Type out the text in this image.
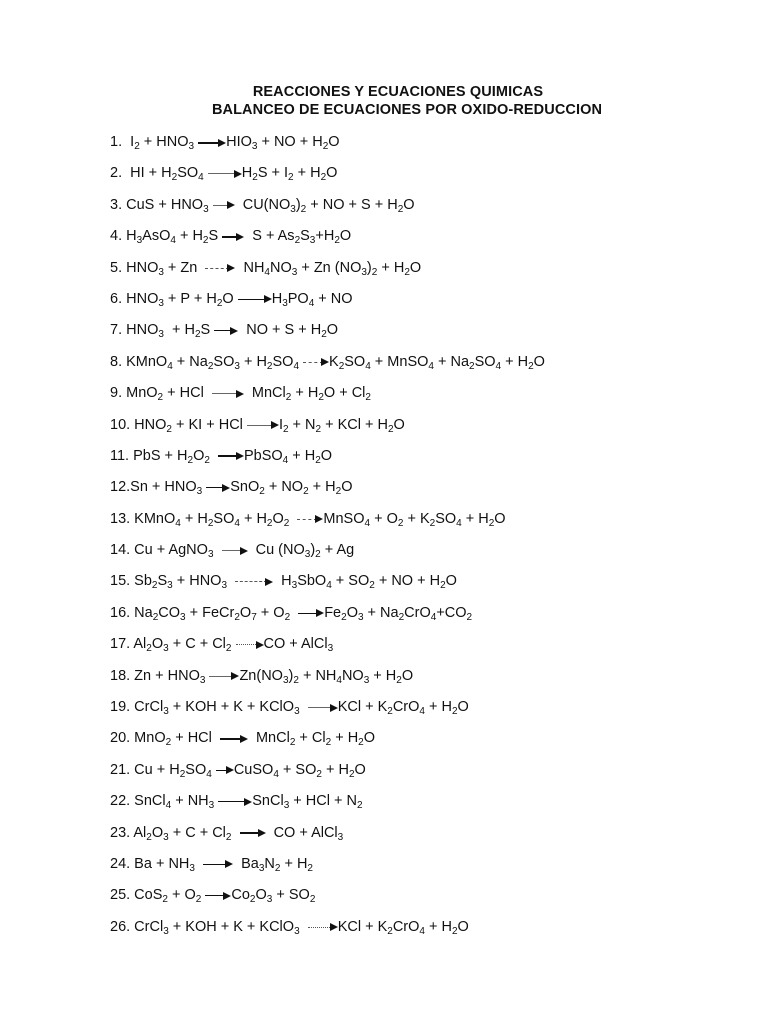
REACCIONES Y ECUACIONES QUIMICAS
BALANCEO DE ECUACIONES POR OXIDO-REDUCCION
1.  $I_2 + HNO_3$ $HIO_3$ + NO + $H_2O$
2.  HI + $H_2SO_4$	$H_2S + I_2 + H_2O$
3. CuS + $HNO_3$ $CU(NO_3)_2$ + NO + $S + H_2O$
4. $H_3AsO_4 + H_2S$ $S + As_2S_3+H_2O$
5. $HNO_3 + Zn$ $NH_4NO_3 + Zn$ $(NO_3)_2 + H_2O$
6. $HNO_3 + P + H_2O$ $H_3PO_4$ + NO
7. $HNO_3 + H_2S$ NO + $S + H_2O$
8. KMnO$_4$ + $Na_2SO_3 + H_2SO_4$ $K_2SO_4$ + MnSO$_4$ + $Na_2SO_4 + H_2O$
9. MnO$_2$ + HCl MnCl$_2$ + $H_2O + Cl_2$
10. $HNO_2$ + KI + HCl $I_2 + N_2$ + KCl + $H_2O$
11. PbS + $H_2O_2$	PbSO$_4$ + $H_2O$
$12.Sn + HNO_3$ $SnO_2 + NO_2 + H_2O$
13. KMnO$_4$ + $H_2SO_4 + H_2O_2$	MnSO$_4$ + $O_2 + K_2SO_4 + H_2O$
14. Cu + AgNO$_3$	Cu $(NO_3)_2 + Ag$
15. $Sb_2S_3 + HNO_3$	$H_3SbO_4 + SO_2$ + NO + $H_2O$
16. $Na_2CO_3$ + $FeCr_2O_7 + O_2$	$Fe_2O_3 + Na_2CrO_4+CO_2$
17. $Al_2O_3 + C + Cl_2$ CO + AlCl$_3$
18. $Zn + HNO_3$ $Zn(NO_3)_2 + NH_4NO_3 + H_2O$
19. CrCl$_3$ + KOH + K + KClO$_3$	KCl + $K_2CrO_4 + H_2O$
20. MnO$_2$ + HCl MnCl$_2$ + $Cl_2 + H_2O$
21. $Cu + H_2SO_4$ CuSO$_4$ + $SO_2 + H_2O$
22. SnCl$_4$ + $NH_3$	SnCl$_3$ + HCl + $N_2$
23. $Al_2O_3 + C + Cl_2$	CO + AlCl$_3$
24. $Ba + NH_3$	$Ba_3N_2 + H_2$
25. $CoS_2 + O_2$ $Co_2O_3 + SO_2$
26. CrCl$_3$ + KOH + K + KClO$_3$	KCl + $K_2CrO_4 + H_2O$
